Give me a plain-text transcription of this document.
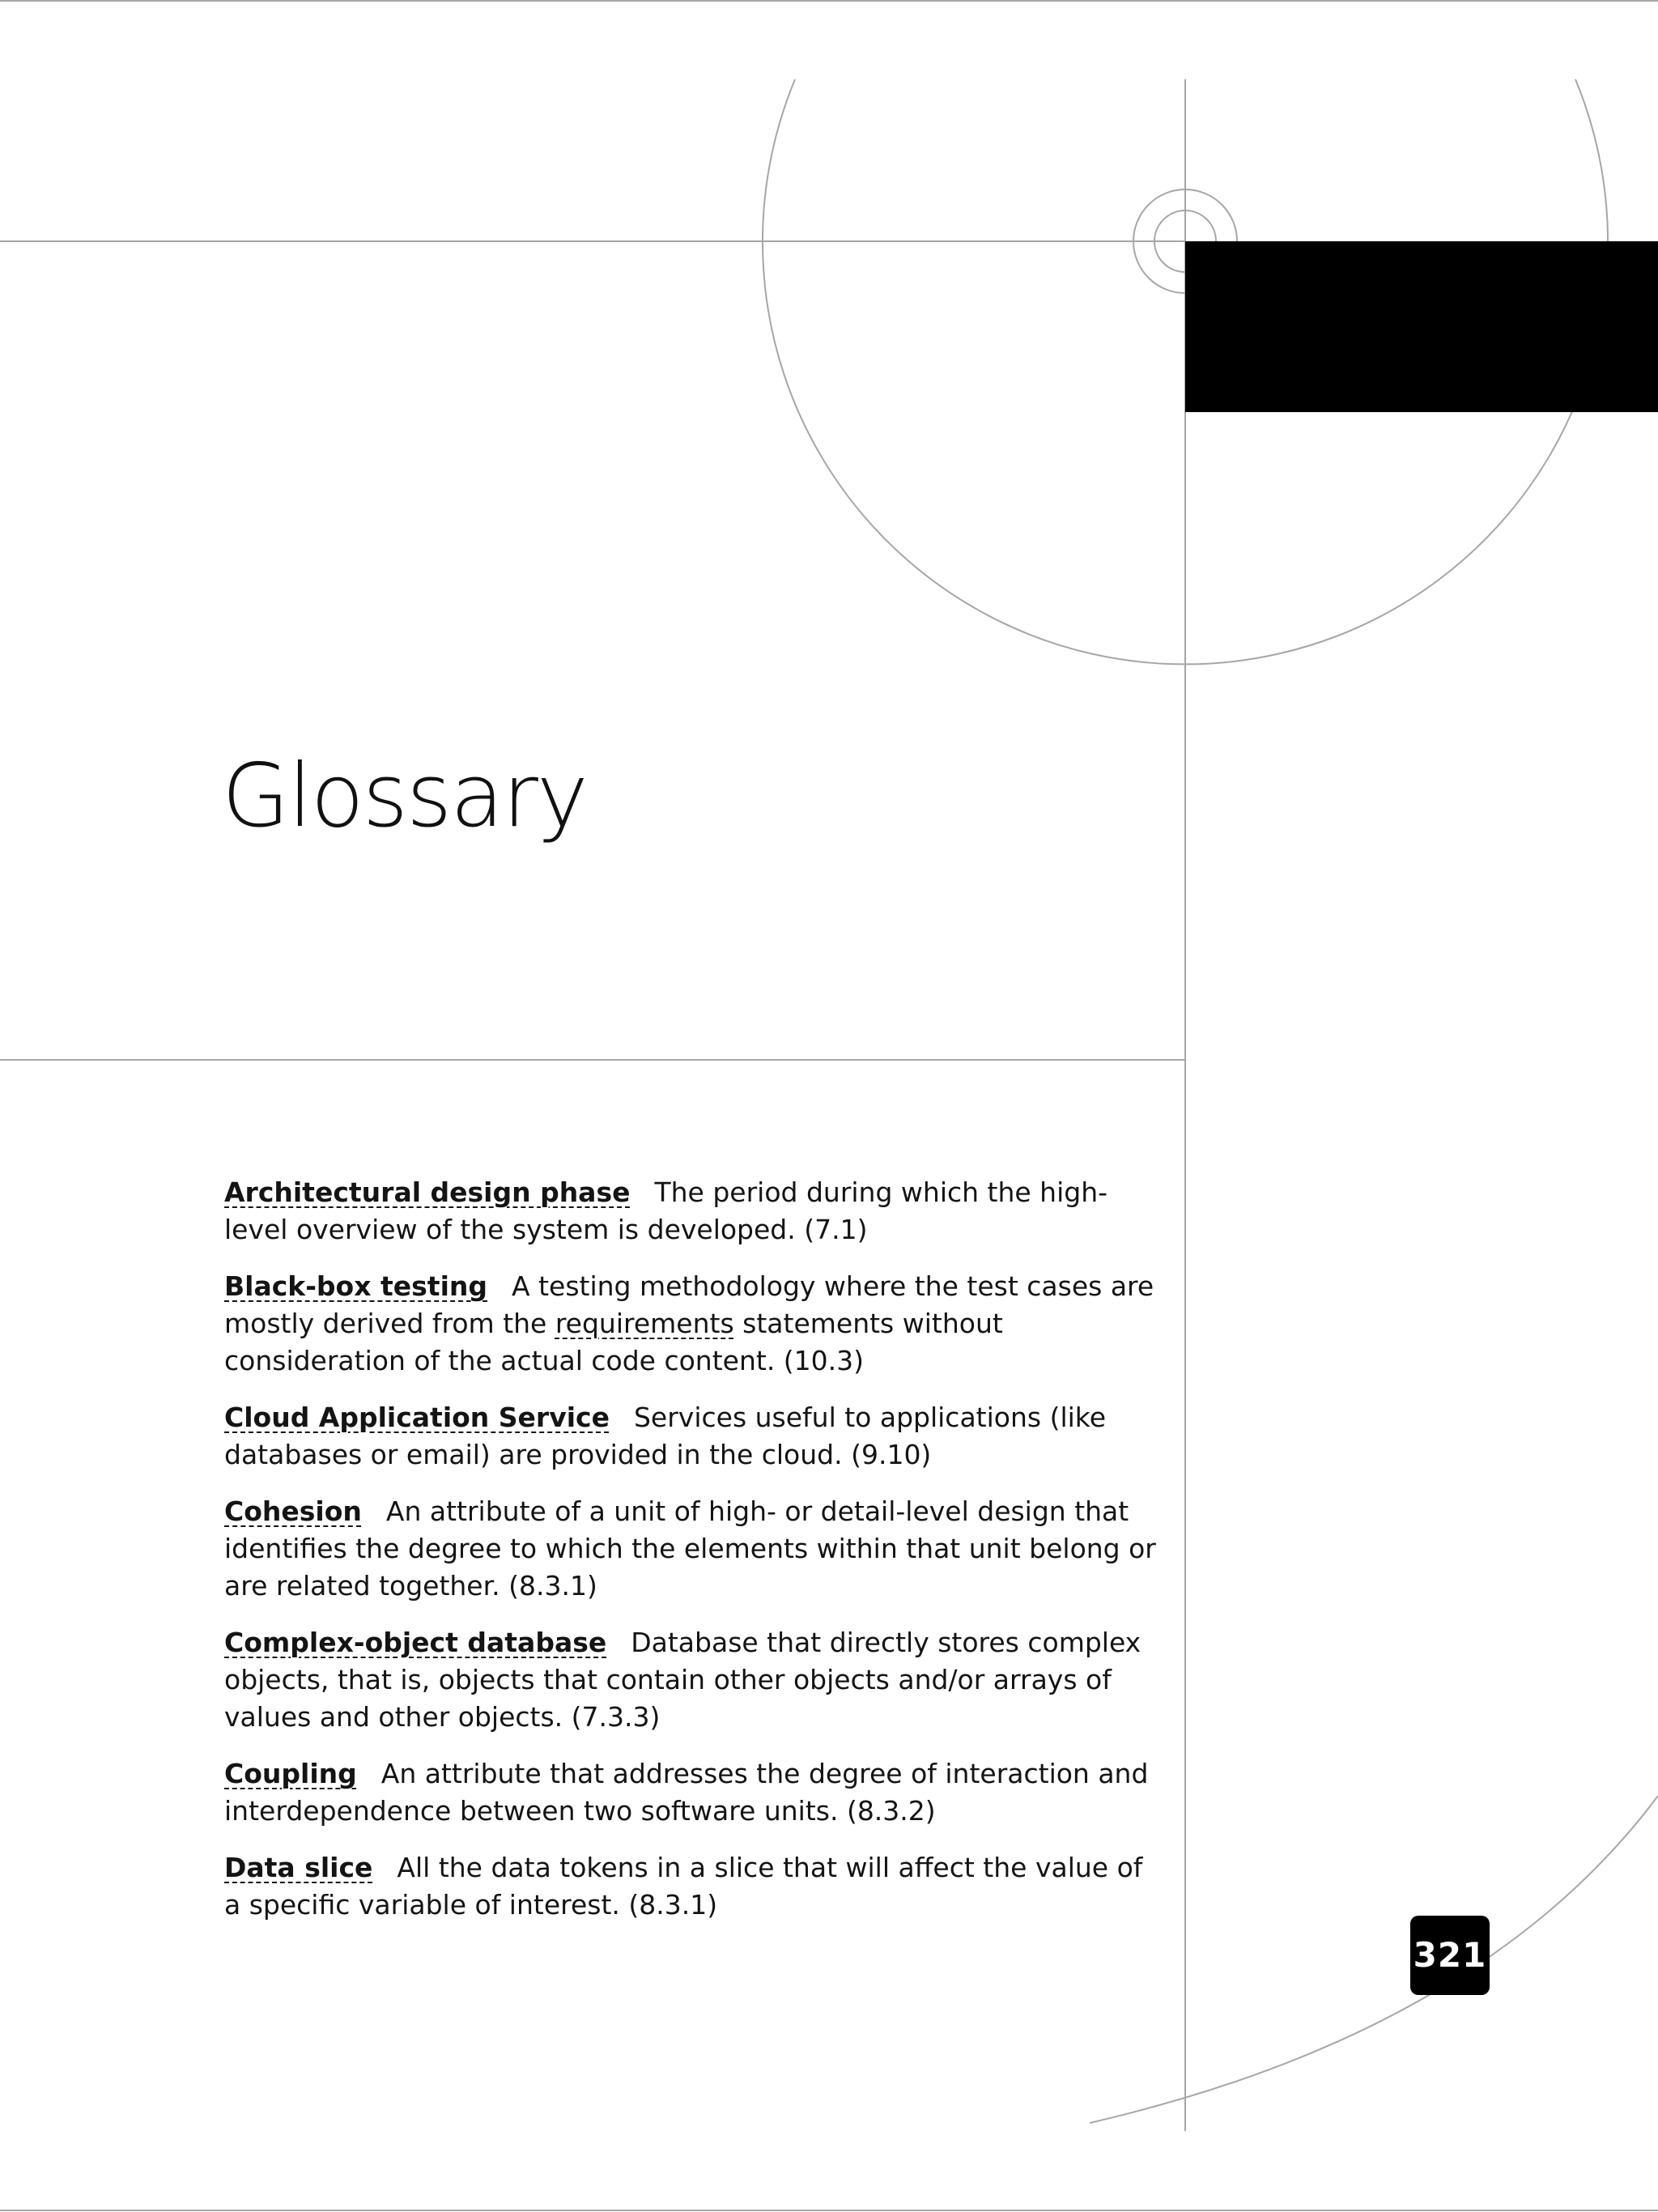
Glossary

Architectural design phase The period during which the high-level overview of the system is developed. (7.1)

Black-box testing A testing methodology where the test cases are mostly derived from the requirements statements without consideration of the actual code content. (10.3)

Cloud Application Service Services useful to applications (like databases or email) are provided in the cloud. (9.10)

Cohesion An attribute of a unit of high- or detail-level design that identifies the degree to which the elements within that unit belong or are related together. (8.3.1)

Complex-object database Database that directly stores complex objects, that is, objects that contain other objects and/or arrays of values and other objects. (7.3.3)

Coupling An attribute that addresses the degree of interaction and interdependence between two software units. (8.3.2)

Data slice All the data tokens in a slice that will affect the value of a specific variable of interest. (8.3.1)

321
